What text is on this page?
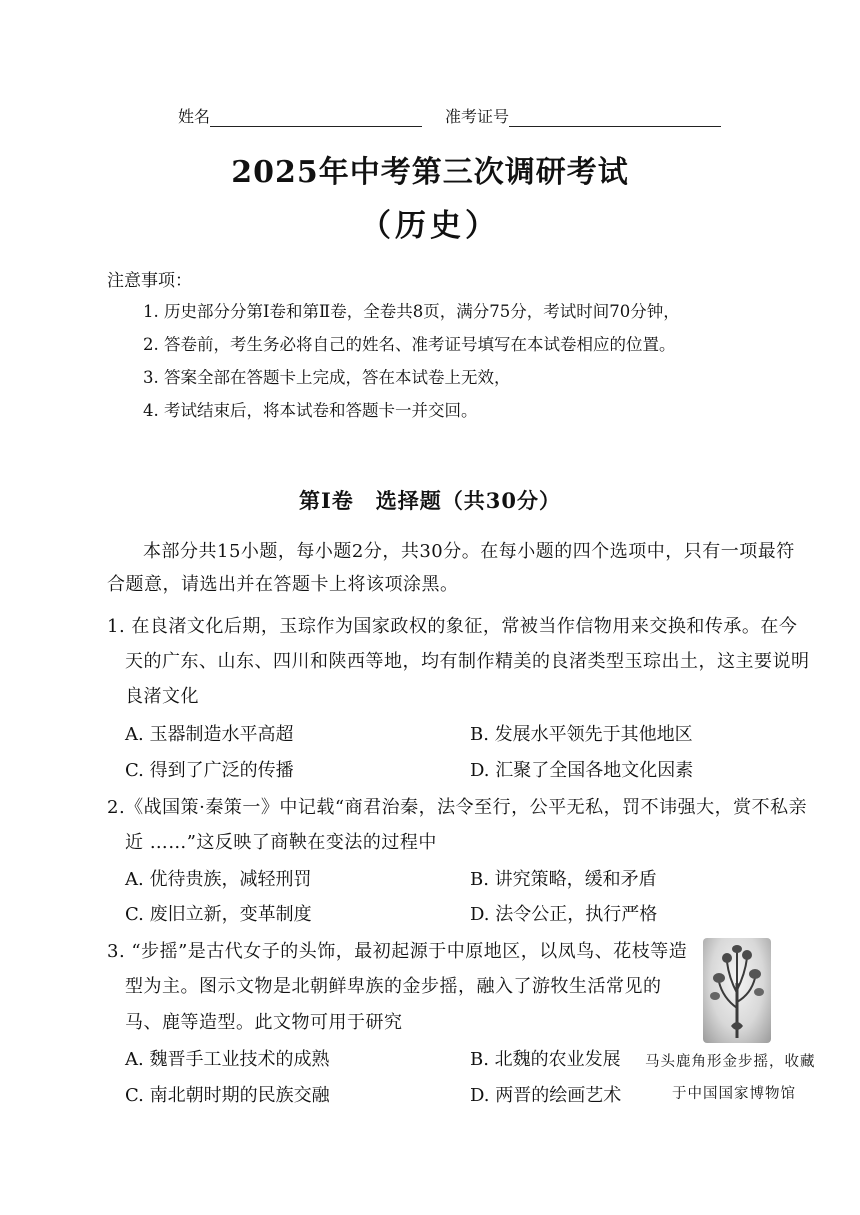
姓名	准考证号
2025年中考第三次调研考试
（历史）
注意事项：
1. 历史部分分第Ⅰ卷和第Ⅱ卷，全卷共8页，满分75分，考试时间70分钟，
2. 答卷前，考生务必将自己的姓名、准考证号填写在本试卷相应的位置。
3. 答案全部在答题卡上完成，答在本试卷上无效，
4. 考试结束后，将本试卷和答题卡一并交回。
第Ⅰ卷　选择题（共30分）
本部分共15小题，每小题2分，共30分。在每小题的四个选项中，只有一项最符
合题意，请选出并在答题卡上将该项涂黑。
1. 在良渚文化后期，玉琮作为国家政权的象征，常被当作信物用来交换和传承。在今
天的广东、山东、四川和陕西等地，均有制作精美的良渚类型玉琮出土，这主要说明
良渚文化
A. 玉器制造水平高超	B. 发展水平领先于其他地区
C. 得到了广泛的传播	D. 汇聚了全国各地文化因素
2.《战国策·秦策一》中记载“商君治秦，法令至行，公平无私，罚不讳强大，赏不私亲
近 ……”这反映了商鞅在变法的过程中
A. 优待贵族，减轻刑罚	B. 讲究策略，缓和矛盾
C. 废旧立新，变革制度	D. 法令公正，执行严格
3. “步摇”是古代女子的头饰，最初起源于中原地区，以凤鸟、花枝等造
型为主。图示文物是北朝鲜卑族的金步摇，融入了游牧生活常见的
马、鹿等造型。此文物可用于研究
A. 魏晋手工业技术的成熟	B. 北魏的农业发展
C. 南北朝时期的民族交融	D. 两晋的绘画艺术
马头鹿角形金步摇，收藏
于中国国家博物馆
